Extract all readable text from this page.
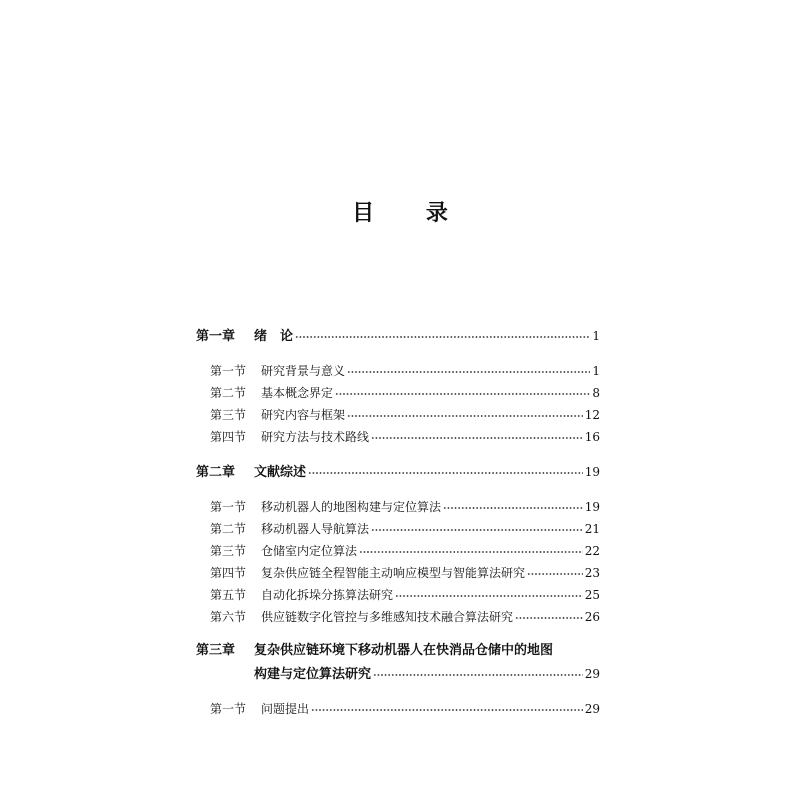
目 录
第一章	绪　论	1
第一节	研究背景与意义	1
第二节	基本概念界定	8
第三节	研究内容与框架	12
第四节	研究方法与技术路线	16
第二章	文献综述	19
第一节	移动机器人的地图构建与定位算法	19
第二节	移动机器人导航算法	21
第三节	仓储室内定位算法	22
第四节	复杂供应链全程智能主动响应模型与智能算法研究	23
第五节	自动化拆垛分拣算法研究	25
第六节	供应链数字化管控与多维感知技术融合算法研究	26
第三章	复杂供应链环境下移动机器人在快消品仓储中的地图
构建与定位算法研究	29
第一节	问题提出	29
